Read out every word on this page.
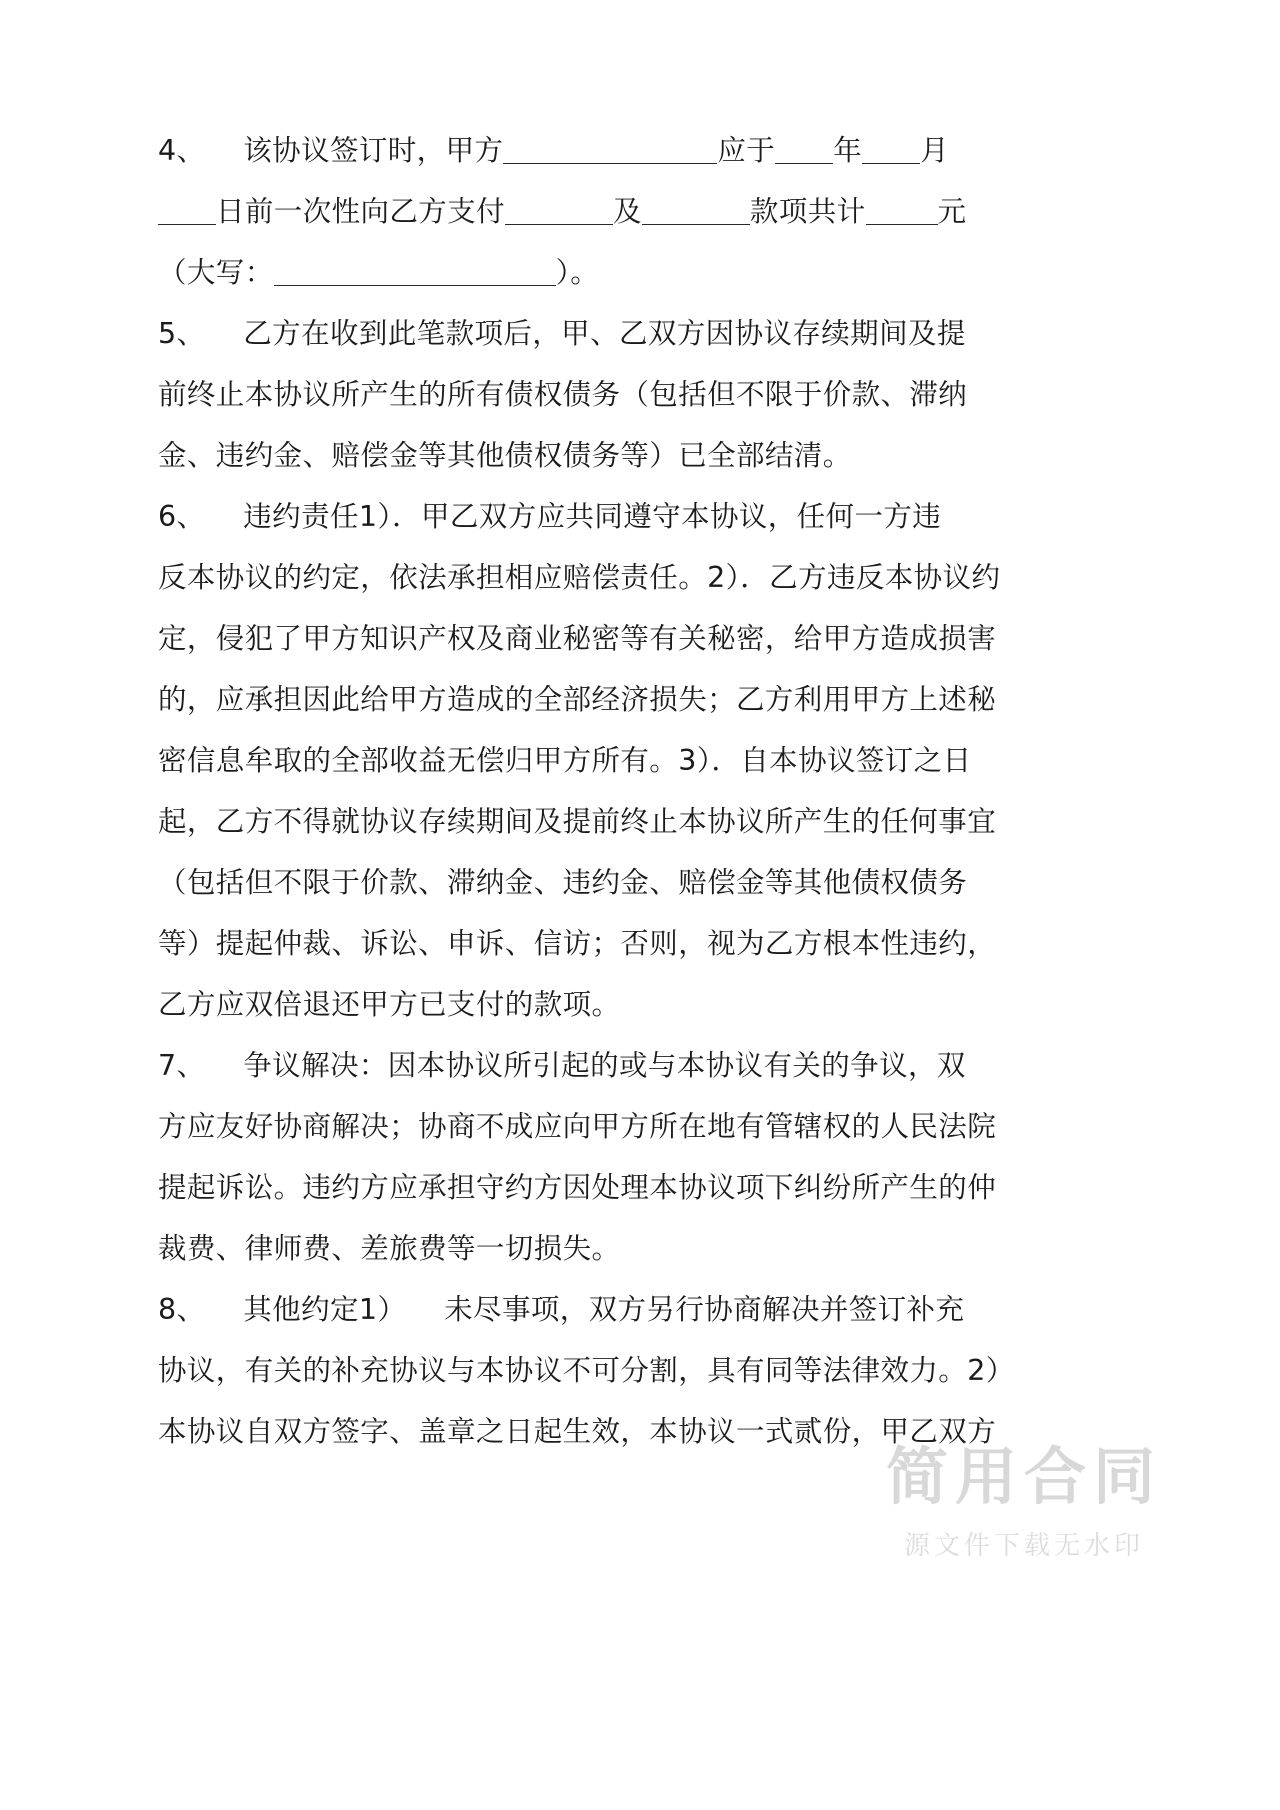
4、 该协议签订时，甲方	应于 年 月
日前一次性向乙方支付	及	款项共计	元
（大写：	）。
5、 乙方在收到此笔款项后，甲、乙双方因协议存续期间及提
前终止本协议所产生的所有债权债务（包括但不限于价款、滞纳
金、违约金、赔偿金等其他债权债务等）已全部结清。
6、 违约责任1）．甲乙双方应共同遵守本协议，任何一方违
反本协议的约定，依法承担相应赔偿责任。2）．乙方违反本协议约
定，侵犯了甲方知识产权及商业秘密等有关秘密，给甲方造成损害
的，应承担因此给甲方造成的全部经济损失；乙方利用甲方上述秘
密信息牟取的全部收益无偿归甲方所有。3）．自本协议签订之日
起，乙方不得就协议存续期间及提前终止本协议所产生的任何事宜
（包括但不限于价款、滞纳金、违约金、赔偿金等其他债权债务
等）提起仲裁、诉讼、申诉、信访；否则，视为乙方根本性违约，
乙方应双倍退还甲方已支付的款项。
7、 争议解决：因本协议所引起的或与本协议有关的争议，双
方应友好协商解决；协商不成应向甲方所在地有管辖权的人民法院
提起诉讼。违约方应承担守约方因处理本协议项下纠纷所产生的仲
裁费、律师费、差旅费等一切损失。
8、 其他约定1）    未尽事项，双方另行协商解决并签订补充
协议，有关的补充协议与本协议不可分割，具有同等法律效力。2）
本协议自双方签字、盖章之日起生效，本协议一式贰份，甲乙双方
简用合同
源文件下载无水印
